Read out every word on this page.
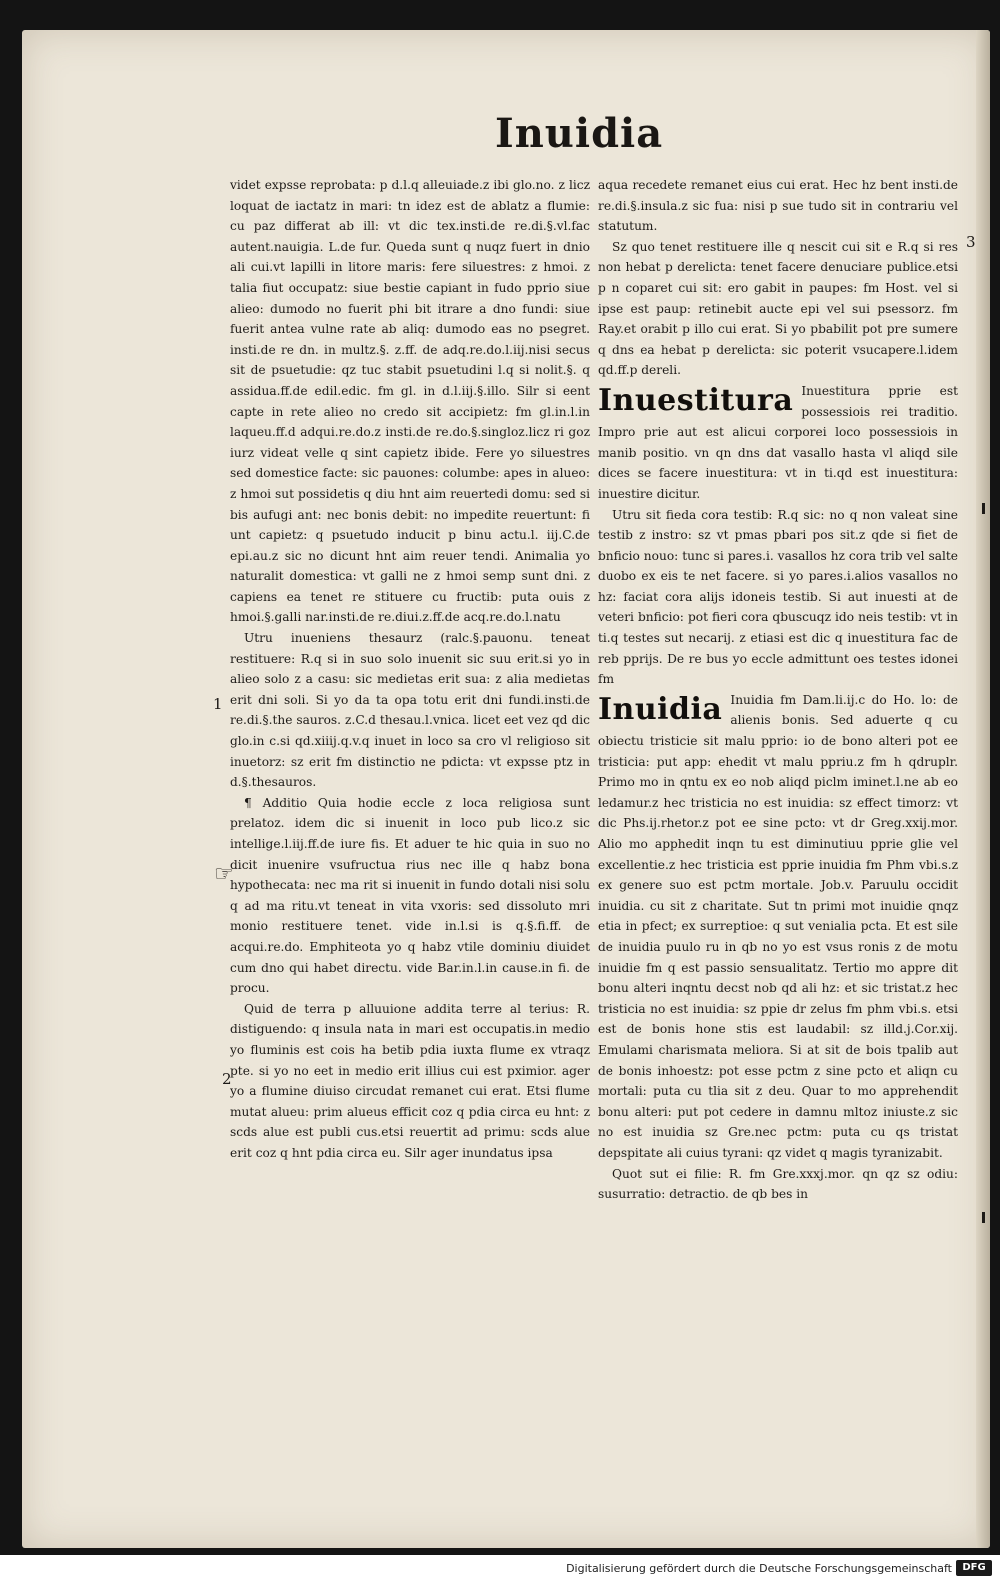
Inuidia

videt expsse reprobata: p d.l.q alleuiade.z ibi glo.no. z licz loquat de iactatz in mari: tn idez est de ablatz a flumie: cu paz differat ab ill: vt dic tex.insti.de re.di.§.vl.fac autent.nauigia. L.de fur. Queda sunt q nuqz fuert in dnio ali cui.vt lapilli in litore maris: fere siluestres: z hmoi. z talia fiut occupatz: siue bestie capiant in fudo pprio siue alieo: dumodo no fuerit phi bit itrare a dno fundi: siue fuerit antea vulne rate ab aliq: dumodo eas no psegret. insti.de re dn. in multz.§. z.ff. de adq.re.do.l.iij.nisi secus sit de psuetudie: qz tuc stabit psuetudini l.q si nolit.§. q assidua.ff.de edil.edic. fm gl. in d.l.iij.§.illo. Silr si eent capte in rete alieo no credo sit accipietz: fm gl.in.l.in laqueu.ff.d adqui.re.do.z insti.de re.do.§.singloz.licz ri goz iurz videat velle q sint capietz ibide. Fere yo siluestres sed domestice facte: sic pauones: columbe: apes in alueo: z hmoi sut possidetis q diu hnt aim reuertedi domu: sed si bis aufugi ant: nec bonis debit: no impedite reuertunt: fi unt capietz: q psuetudo inducit p binu actu.l. iij.C.de epi.au.z sic no dicunt hnt aim reuer tendi. Animalia yo naturalit domestica: vt galli ne z hmoi semp sunt dni. z capiens ea tenet re stituere cu fructib: puta ouis z hmoi.§.galli nar.insti.de re.diui.z.ff.de acq.re.do.l.natu

Utru inueniens thesaurz (ralc.§.pauonu. teneat restituere: R.q si in suo solo inuenit sic suu erit.si yo in alieo solo z a casu: sic medietas erit sua: z alia medietas erit dni soli. Si yo da ta opa totu erit dni fundi.insti.de re.di.§.the sauros. z.C.d thesau.l.vnica. licet eet vez qd dic glo.in c.si qd.xiiij.q.v.q inuet in loco sa cro vl religioso sit inuetorz: sz erit fm distinctio ne pdicta: vt expsse ptz in d.§.thesauros.

¶ Additio Quia hodie eccle z loca religiosa sunt prelatoz. idem dic si inuenit in loco pub lico.z sic intellige.l.iij.ff.de iure fis. Et aduer te hic quia in suo no dicit inuenire vsufructua rius nec ille q habz bona hypothecata: nec ma rit si inuenit in fundo dotali nisi solu q ad ma ritu.vt teneat in vita vxoris: sed dissoluto mri monio restituere tenet. vide in.l.si is q.§.fi.ff. de acqui.re.do. Emphiteota yo q habz vtile dominiu diuidet cum dno qui habet directu. vide Bar.in.l.in cause.in fi. de procu.

Quid de terra p alluuione addita terre al terius: R. distiguendo: q insula nata in mari est occupatis.in medio yo fluminis est cois ha betib pdia iuxta flume ex vtraqz pte. si yo no eet in medio erit illius cui est pximior. ager yo a flumine diuiso circudat remanet cui erat. Etsi flume mutat alueu: prim alueus efficit coz q pdia circa eu hnt: z scds alue est publi cus.etsi reuertit ad primu: scds alue erit coz q hnt pdia circa eu. Silr ager inundatus ipsa

1
2
☞

aqua recedete remanet eius cui erat. Hec hz bent insti.de re.di.§.insula.z sic fua: nisi p sue tudo sit in contrariu vel statutum.

Sz quo tenet restituere ille q nescit cui sit e R.q si res non hebat p derelicta: tenet facere denuciare publice.etsi p n coparet cui sit: ero gabit in paupes: fm Host. vel si ipse est paup: retinebit aucte epi vel sui psessorz. fm Ray.et orabit p illo cui erat. Si yo pbabilit pot pre sumere q dns ea hebat p derelicta: sic poterit vsucapere.l.idem qd.ff.p dereli.

Inuestitura Inuestitura pprie est possessiois rei traditio. Impro prie aut est alicui corporei loco possessiois in manib positio. vn qn dns dat vasallo hasta vl aliqd sile dices se facere inuestitura: vt in ti.qd est inuestitura: inuestire dicitur.

Utru sit fieda cora testib: R.q sic: no q non valeat sine testib z instro: sz vt pmas pbari pos sit.z qde si fiet de bnficio nouo: tunc si pares.i. vasallos hz cora trib vel salte duobo ex eis te net facere. si yo pares.i.alios vasallos no hz: faciat cora alijs idoneis testib. Si aut inuesti at de veteri bnficio: pot fieri cora qbuscuqz ido neis testib: vt in ti.q testes sut necarij. z etiasi est dic q inuestitura fac de reb pprijs. De re bus yo eccle admittunt oes testes idonei fm

Inuidia Inuidia fm Dam.li.ij.c do Ho. lo: de alienis bonis. Sed aduerte q cu obiectu tristicie sit malu pprio: io de bono alteri pot ee tristicia: put app: ehedit vt malu ppriu.z fm h qdruplr. Primo mo in qntu ex eo nob aliqd piclm iminet.l.ne ab eo ledamur.z hec tristicia no est inuidia: sz effect timorz: vt dic Phs.ij.rhetor.z pot ee sine pcto: vt dr Greg.xxij.mor. Alio mo apphedit inqn tu est diminutiuu pprie glie vel excellentie.z hec tristicia est pprie inuidia fm Phm vbi.s.z ex genere suo est pctm mortale. Job.v. Paruulu occidit inuidia. cu sit z charitate. Sut tn primi mot inuidie qnqz etia in pfect; ex surreptioe: q sut venialia pcta. Et est sile de inuidia puulo ru in qb no yo est vsus ronis z de motu inuidie fm q est passio sensualitatz. Tertio mo appre dit bonu alteri inqntu decst nob qd ali hz: et sic tristat.z hec tristicia no est inuidia: sz ppie dr zelus fm phm vbi.s. etsi est de bonis hone stis est laudabil: sz illd.j.Cor.xij. Emulami charismata meliora. Si at sit de bois tpalib aut de bonis inhoestz: pot esse pctm z sine pcto et aliqn cu mortali: puta cu tlia sit z deu. Quar to mo apprehendit bonu alteri: put pot cedere in damnu mltoz iniuste.z sic no est inuidia sz Gre.nec pctm: puta cu qs tristat depspitate ali cuius tyrani: qz videt q magis tyranizabit.

Quot sut ei filie: R. fm Gre.xxxj.mor. qn qz sz odiu: susurratio: detractio. de qb bes in

3
Digitalisierung gefördert durch die Deutsche Forschungsgemeinschaft	DFG
